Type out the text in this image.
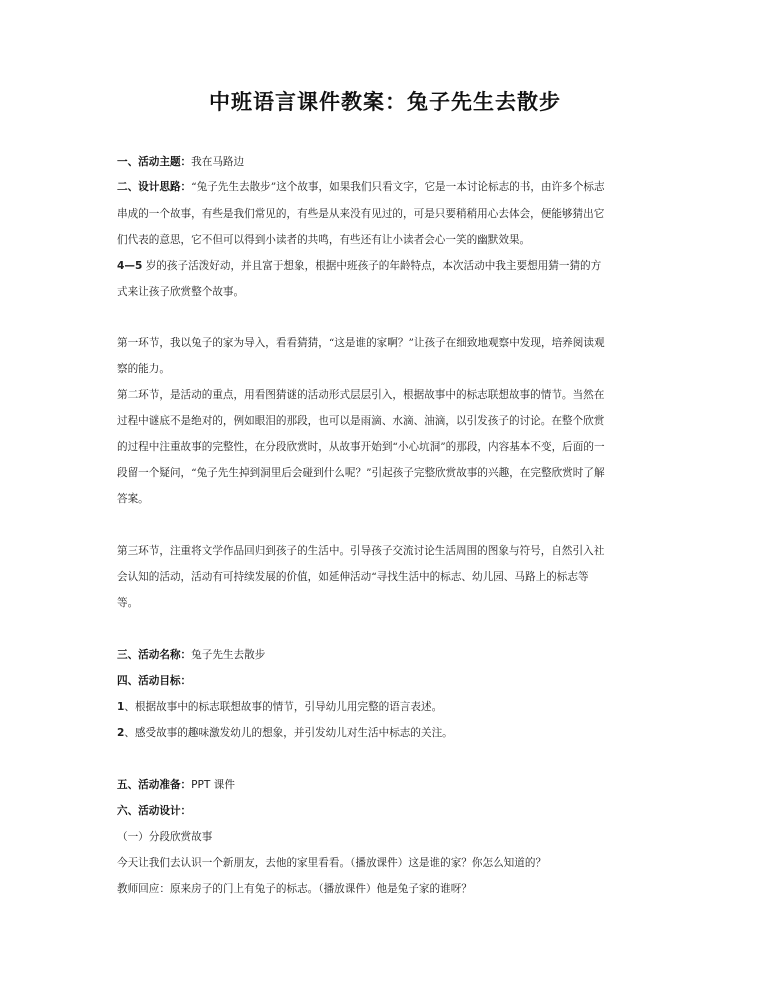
中班语言课件教案：兔子先生去散步
一、活动主题：我在马路边
二、设计思路：“兔子先生去散步”这个故事，如果我们只看文字，它是一本讨论标志的书，由许多个标志
串成的一个故事，有些是我们常见的，有些是从来没有见过的，可是只要稍稍用心去体会，便能够猜出它
们代表的意思，它不但可以得到小读者的共鸣，有些还有让小读者会心一笑的幽默效果。
4—5 岁的孩子活泼好动，并且富于想象，根据中班孩子的年龄特点，本次活动中我主要想用猜一猜的方
式来让孩子欣赏整个故事。
第一环节，我以兔子的家为导入，看看猜猜，“这是谁的家啊？”让孩子在细致地观察中发现，培养阅读观
察的能力。
第二环节，是活动的重点，用看图猜谜的活动形式层层引入，根据故事中的标志联想故事的情节。当然在
过程中谜底不是绝对的，例如眼泪的那段，也可以是雨滴、水滴、油滴，以引发孩子的讨论。在整个欣赏
的过程中注重故事的完整性，在分段欣赏时，从故事开始到“小心坑洞”的那段，内容基本不变，后面的一
段留一个疑问，“兔子先生掉到洞里后会碰到什么呢？”引起孩子完整欣赏故事的兴趣，在完整欣赏时了解
答案。
第三环节，注重将文学作品回归到孩子的生活中。引导孩子交流讨论生活周围的图象与符号，自然引入社
会认知的活动，活动有可持续发展的价值，如延伸活动“寻找生活中的标志、幼儿园、马路上的标志等
等。
三、活动名称：兔子先生去散步
四、活动目标：
1、根据故事中的标志联想故事的情节，引导幼儿用完整的语言表述。
2、感受故事的趣味激发幼儿的想象，并引发幼儿对生活中标志的关注。
五、活动准备：PPT 课件
六、活动设计：
（一）分段欣赏故事
今天让我们去认识一个新朋友，去他的家里看看。（播放课件）这是谁的家？你怎么知道的？
教师回应：原来房子的门上有兔子的标志。（播放课件）他是兔子家的谁呀？
